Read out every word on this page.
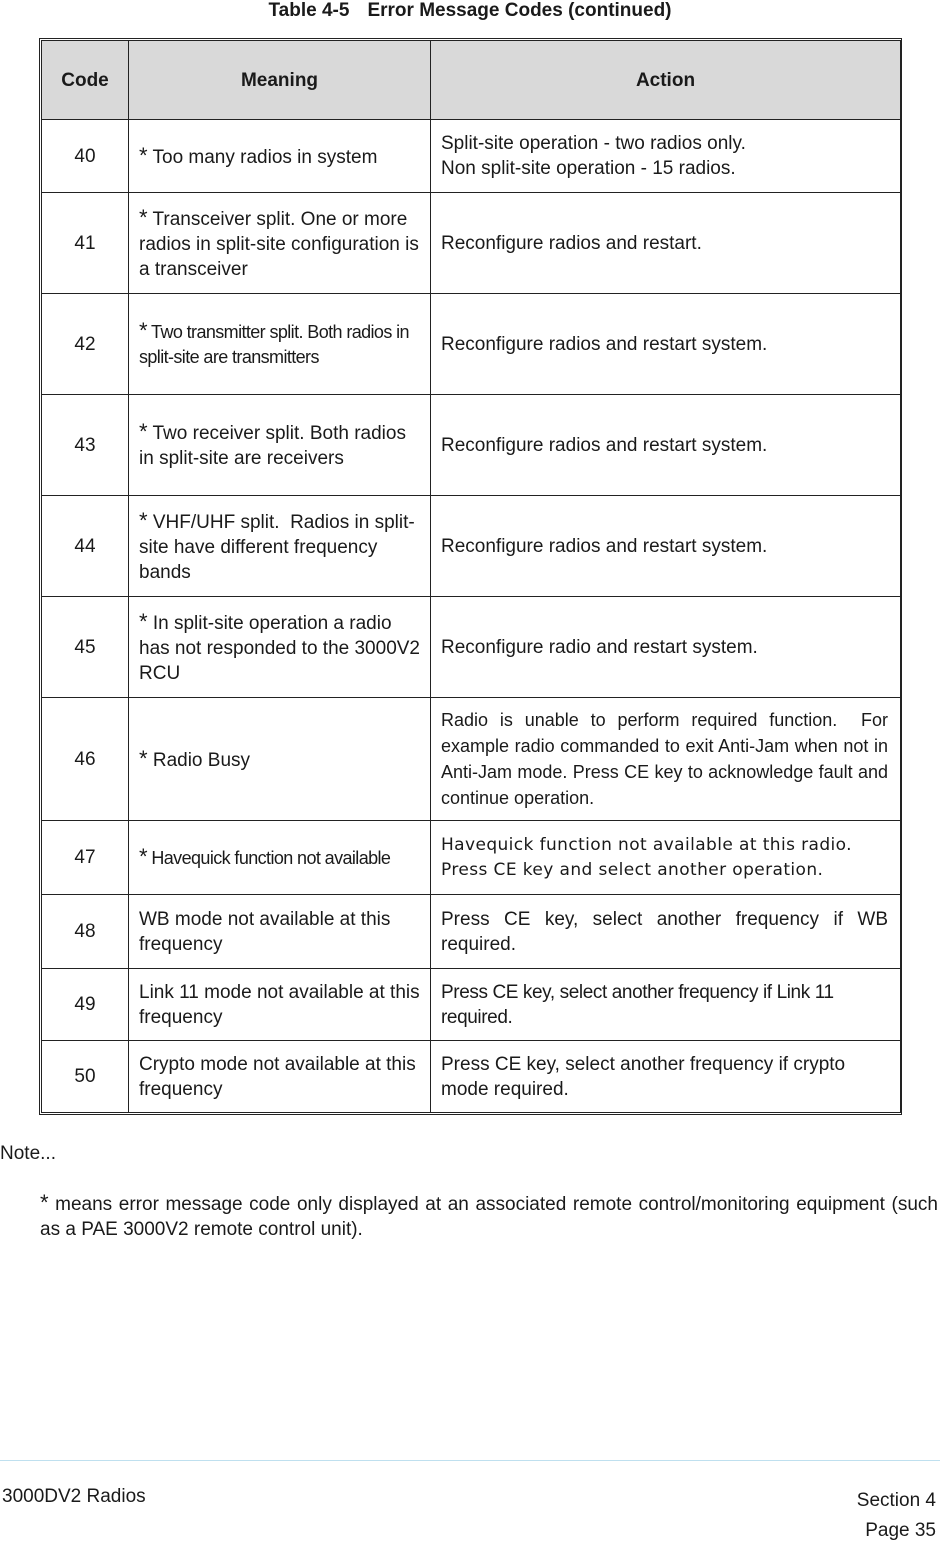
Table 4-5 Error Message Codes (continued)
Code	Meaning	Action
40	* Too many radios in system	Split-site operation - two radios only.
Non split-site operation - 15 radios.

41	* Transceiver split. One or more radios in split-site configuration is a transceiver	Reconfigure radios and restart.

42	* Two transmitter split. Both radios in split-site are transmitters	Reconfigure radios and restart system.

43	* Two receiver split. Both radios in split-site are receivers	Reconfigure radios and restart system.

44	* VHF/UHF split.  Radios in split-site have different frequency bands	Reconfigure radios and restart system.

45	* In split-site operation a radio has not responded to the 3000V2 RCU	Reconfigure radio and restart system.

46	* Radio Busy	Radio is unable to perform required function.  For example radio commanded to exit Anti-Jam when not in Anti-Jam mode. Press CE key to acknowledge fault and continue operation.

47	* Havequick function not available	Havequick function not available at this radio.
Press CE key and select another operation.

48	WB mode not available at this frequency	Press CE key, select another frequency if WB required.

49	Link 11 mode not available at this frequency	Press CE key, select another frequency if Link 11 required.

50	Crypto mode not available at this frequency	Press CE key, select another frequency if crypto mode required.
Note...
* means error message code only displayed at an associated remote control/monitoring equipment (such as a PAE 3000V2 remote control unit).
3000DV2 Radios	Section 4
Page 35
